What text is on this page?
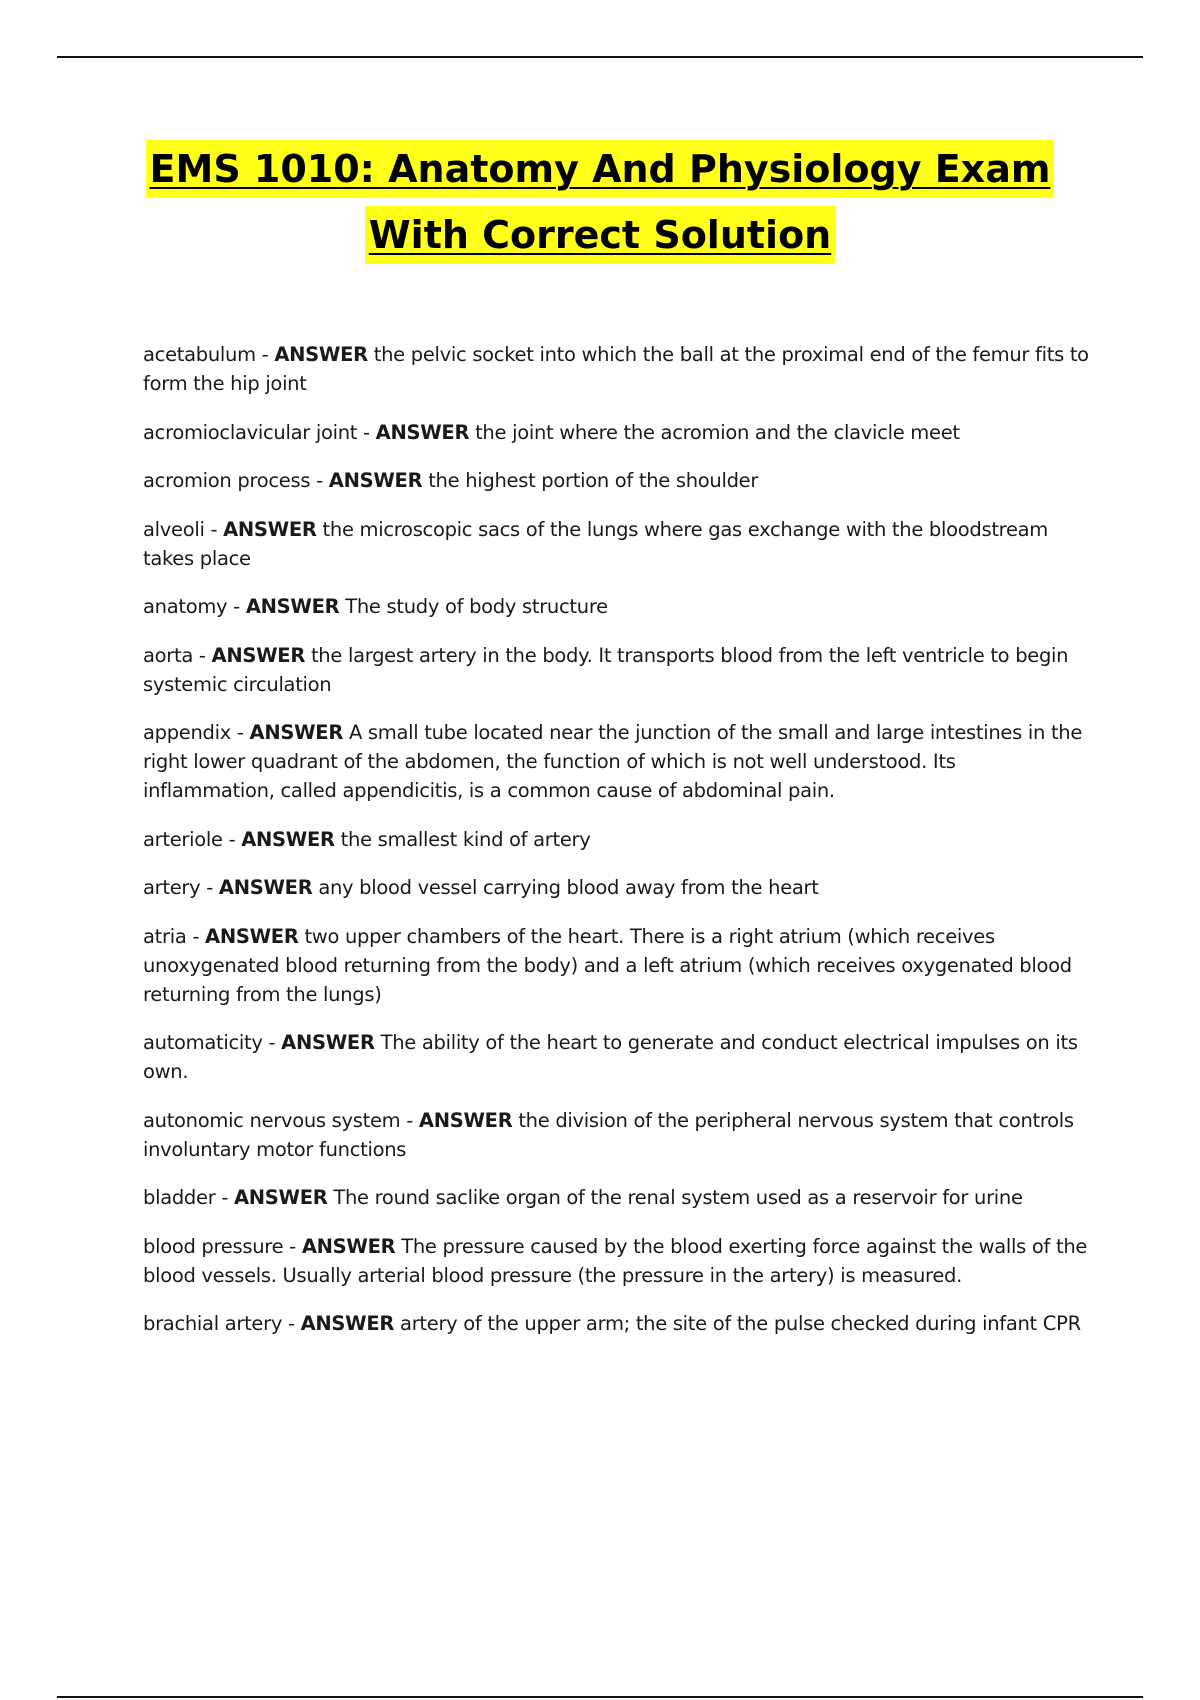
EMS 1010: Anatomy And Physiology Exam
With Correct Solution

acetabulum - ANSWER the pelvic socket into which the ball at the proximal end of the femur fits to form the hip joint

acromioclavicular joint - ANSWER the joint where the acromion and the clavicle meet

acromion process - ANSWER the highest portion of the shoulder

alveoli - ANSWER the microscopic sacs of the lungs where gas exchange with the bloodstream takes place

anatomy - ANSWER The study of body structure

aorta - ANSWER the largest artery in the body. It transports blood from the left ventricle to begin systemic circulation

appendix - ANSWER A small tube located near the junction of the small and large intestines in the right lower quadrant of the abdomen, the function of which is not well understood. Its inflammation, called appendicitis, is a common cause of abdominal pain.

arteriole - ANSWER the smallest kind of artery

artery - ANSWER any blood vessel carrying blood away from the heart

atria - ANSWER two upper chambers of the heart. There is a right atrium (which receives unoxygenated blood returning from the body) and a left atrium (which receives oxygenated blood returning from the lungs)

automaticity - ANSWER The ability of the heart to generate and conduct electrical impulses on its own.

autonomic nervous system - ANSWER the division of the peripheral nervous system that controls involuntary motor functions

bladder - ANSWER The round saclike organ of the renal system used as a reservoir for urine

blood pressure - ANSWER The pressure caused by the blood exerting force against the walls of the blood vessels. Usually arterial blood pressure (the pressure in the artery) is measured.

brachial artery - ANSWER artery of the upper arm; the site of the pulse checked during infant CPR
